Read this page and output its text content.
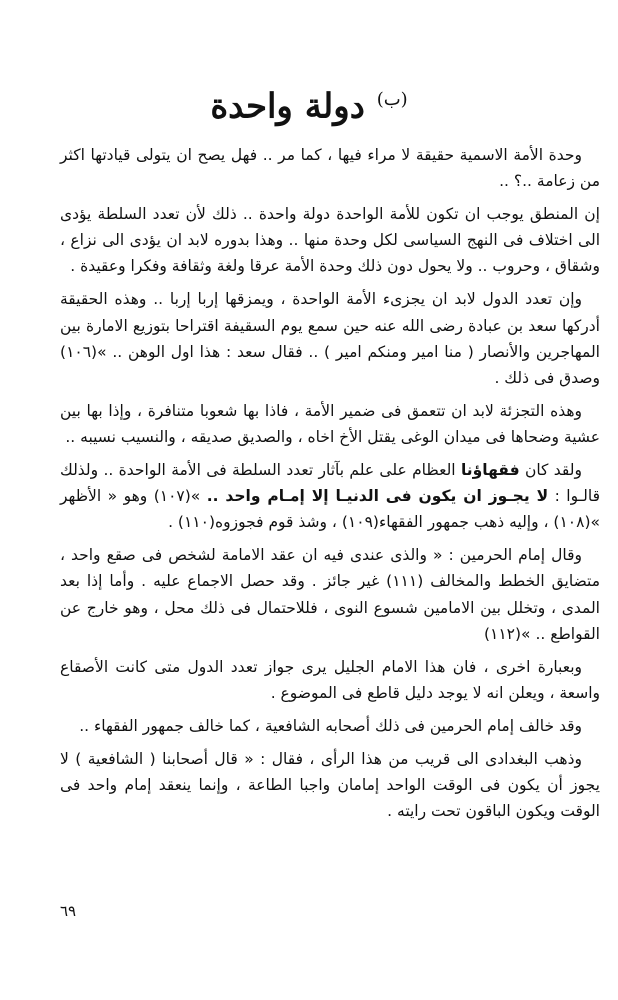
$^{(ب)}$ دولة واحدة

وحدة الأمة الاسمية حقيقة لا مراء فيها ، كما مر .. فهل يصح ان يتولى قيادتها اكثر من زعامة ..؟ ..

إن المنطق يوجب ان تكون للأمة الواحدة دولة واحدة .. ذلك لأن تعدد السلطة يؤدى الى اختلاف فى النهج السياسى لكل وحدة منها .. وهذا بدوره لابد ان يؤدى الى نزاع ، وشقاق ، وحروب .. ولا يحول دون ذلك وحدة الأمة عرقا ولغة وثقافة وفكرا وعقيدة .

وإن تعدد الدول لابد ان يجزىء الأمة الواحدة ، ويمزقها إربا إربا .. وهذه الحقيقة أدركها سعد بن عبادة رضى الله عنه حين سمع يوم السقيفة اقتراحا بتوزيع الامارة بين المهاجرين والأنصار ( منا امير ومنكم امير ) .. فقال سعد : هذا اول الوهن .. »(١٠٦) وصدق فى ذلك .

وهذه التجزئة لابد ان تتعمق فى ضمير الأمة ، فاذا بها شعوبا متنافرة ، وإذا بها بين عشية وضحاها فى ميدان الوغى يقتل الأخ اخاه ، والصديق صديقه ، والنسيب نسيبه ..

ولقد كان فقهاؤنا العظام على علم بآثار تعدد السلطة فى الأمة الواحدة .. ولذلك قالـوا : لا يجـوز ان يكون فى الدنيـا إلا إمـام واحد .. »(١٠٧) وهو « الأظهر »(١٠٨) ، وإليه ذهب جمهور الفقهاء(١٠٩) ، وشذ قوم فجوزوه(١١٠) .

وقال إمام الحرمين : « والذى عندى فيه ان عقد الامامة لشخص فى صقع واحد ، متضايق الخطط والمخالف (١١١) غير جائز . وقد حصل الاجماع عليه . وأما إذا بعد المدى ، وتخلل بين الامامين شسوع النوى ، فللاحتمال فى ذلك محل ، وهو خارج عن القواطع .. »(١١٢)

وبعبارة اخرى ، فان هذا الامام الجليل يرى جواز تعدد الدول متى كانت الأصقاع واسعة ، ويعلن انه لا يوجد دليل قاطع فى الموضوع .

وقد خالف إمام الحرمين فى ذلك أصحابه الشافعية ، كما خالف جمهور الفقهاء ..

وذهب البغدادى الى قريب من هذا الرأى ، فقال : « قال أصحابنا ( الشافعية ) لا يجوز أن يكون فى الوقت الواحد إمامان واجبا الطاعة ، وإنما ينعقد إمام واحد فى الوقت ويكون الباقون تحت رايته .

٦٩
